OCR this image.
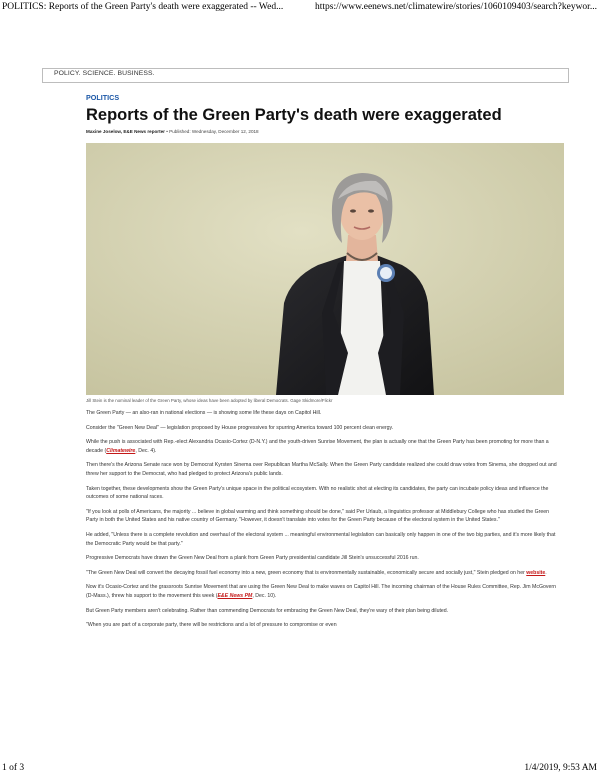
POLITICS: Reports of the Green Party's death were exaggerated -- Wed...	https://www.eenews.net/climatewire/stories/1060109403/search?keywor...
POLICY. SCIENCE. BUSINESS.
POLITICS
Reports of the Green Party's death were exaggerated
Maxine Joselow, E&E News reporter • Published: Wednesday, December 12, 2018
Jill Stein is the nominal leader of the Green Party, whose ideas have been adopted by liberal Democrats. Gage Skidmore/Flickr

The Green Party — an also-ran in national elections — is showing some life these days on Capitol Hill.

Consider the "Green New Deal" — legislation proposed by House progressives for spurring America toward 100 percent clean energy.

While the push is associated with Rep.-elect Alexandria Ocasio-Cortez (D-N.Y.) and the youth-driven Sunrise Movement, the plan is actually one that the Green Party has been promoting for more than a decade (Climatewire, Dec. 4).

Then there's the Arizona Senate race won by Democrat Kyrsten Sinema over Republican Martha McSally. When the Green Party candidate realized she could draw votes from Sinema, she dropped out and threw her support to the Democrat, who had pledged to protect Arizona's public lands.

Taken together, these developments show the Green Party's unique space in the political ecosystem. With no realistic shot at electing its candidates, the party can incubate policy ideas and influence the outcomes of some national races.

"If you look at polls of Americans, the majority ... believe in global warming and think something should be done," said Per Urlaub, a linguistics professor at Middlebury College who has studied the Green Party in both the United States and his native country of Germany. "However, it doesn't translate into votes for the Green Party because of the electoral system in the United States."

He added, "Unless there is a complete revolution and overhaul of the electoral system ... meaningful environmental legislation can basically only happen in one of the two big parties, and it's more likely that the Democratic Party would be that party."

Progressive Democrats have drawn the Green New Deal from a plank from Green Party presidential candidate Jill Stein's unsuccessful 2016 run.

"The Green New Deal will convert the decaying fossil fuel economy into a new, green economy that is environmentally sustainable, economically secure and socially just," Stein pledged on her website.

Now it's Ocasio-Cortez and the grassroots Sunrise Movement that are using the Green New Deal to make waves on Capitol Hill. The incoming chairman of the House Rules Committee, Rep. Jim McGovern (D-Mass.), threw his support to the movement this week (E&E News PM, Dec. 10).

But Green Party members aren't celebrating. Rather than commending Democrats for embracing the Green New Deal, they're wary of their plan being diluted.

"When you are part of a corporate party, there will be restrictions and a lot of pressure to compromise or even

1 of 3	1/4/2019, 9:53 AM
